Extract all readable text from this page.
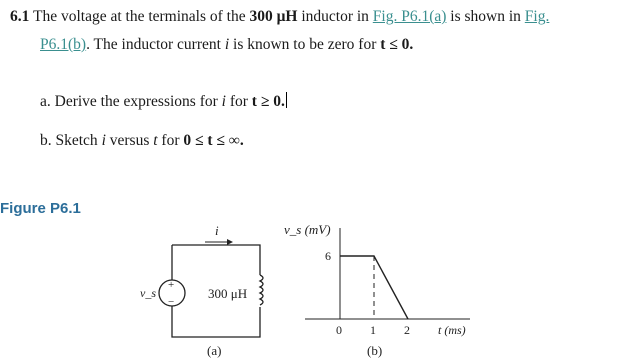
6.1 The voltage at the terminals of the 300 μH inductor in Fig. P6.1(a) is shown in Fig.
P6.1(b). The inductor current i is known to be zero for t ≤ 0.
a. Derive the expressions for i for t ≥ 0.
b. Sketch i versus t for 0 ≤ t ≤ ∞.
Figure P6.1
i
+
−
v_s	300 μH
(a)
v_s (mV)
6
0 1 2 t (ms)
(b)
